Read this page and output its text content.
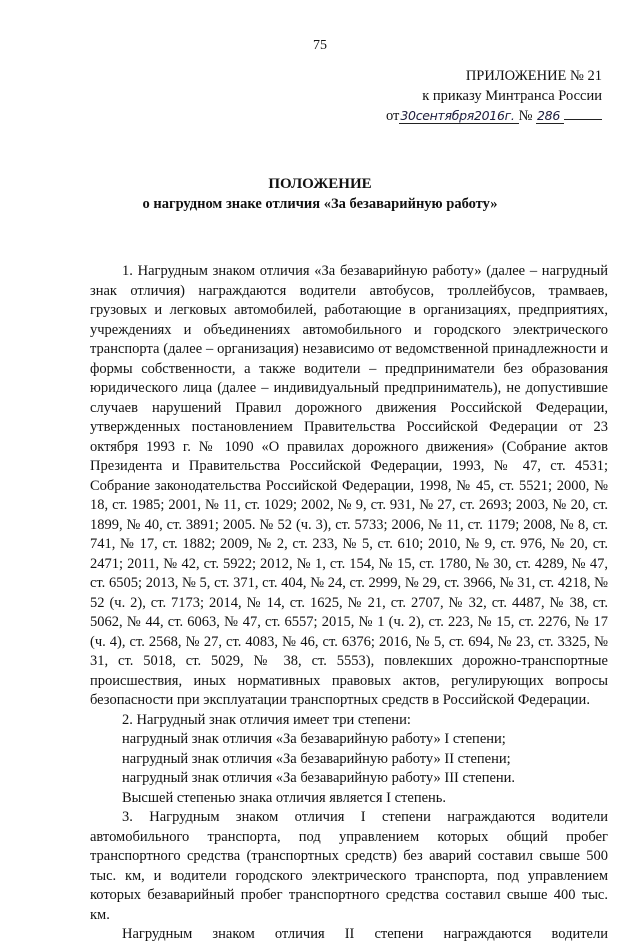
75
ПРИЛОЖЕНИЕ № 21
к приказу Минтранса России
от30сентября2016г. № 286
ПОЛОЖЕНИЕ
о нагрудном знаке отличия «За безаварийную работу»

1. Нагрудным знаком отличия «За безаварийную работу» (далее – нагрудный знак отличия) награждаются водители автобусов, троллейбусов, трамваев, грузовых и легковых автомобилей, работающие в организациях, предприятиях, учреждениях и объединениях автомобильного и городского электрического транспорта (далее – организация) независимо от ведомственной принадлежности и формы собственности, а также водители – предприниматели без образования юридического лица (далее – индивидуальный предприниматель), не допустившие случаев нарушений Правил дорожного движения Российской Федерации, утвержденных постановлением Правительства Российской Федерации от 23 октября 1993 г. № 1090 «О правилах дорожного движения» (Собрание актов Президента и Правительства Российской Федерации, 1993, № 47, ст. 4531; Собрание законодательства Российской Федерации, 1998, № 45, ст. 5521; 2000, № 18, ст. 1985; 2001, № 11, ст. 1029; 2002, № 9, ст. 931, № 27, ст. 2693; 2003, № 20, ст. 1899, № 40, ст. 3891; 2005. № 52 (ч. 3), ст. 5733; 2006, № 11, ст. 1179; 2008, № 8, ст. 741, № 17, ст. 1882; 2009, № 2, ст. 233, № 5, ст. 610; 2010, № 9, ст. 976, № 20, ст. 2471; 2011, № 42, ст. 5922; 2012, № 1, ст. 154, № 15, ст. 1780, № 30, ст. 4289, № 47, ст. 6505; 2013, № 5, ст. 371, ст. 404, № 24, ст. 2999, № 29, ст. 3966, № 31, ст. 4218, № 52 (ч. 2), ст. 7173; 2014, № 14, ст. 1625, № 21, ст. 2707, № 32, ст. 4487, № 38, ст. 5062, № 44, ст. 6063, № 47, ст. 6557; 2015, № 1 (ч. 2), ст. 223, № 15, ст. 2276, № 17 (ч. 4), ст. 2568, № 27, ст. 4083, № 46, ст. 6376; 2016, № 5, ст. 694, № 23, ст. 3325, № 31, ст. 5018, ст. 5029, № 38, ст. 5553), повлекших дорожно-транспортные происшествия, иных нормативных правовых актов, регулирующих вопросы безопасности при эксплуатации транспортных средств в Российской Федерации.

2. Нагрудный знак отличия имеет три степени:

нагрудный знак отличия «За безаварийную работу» I степени;

нагрудный знак отличия «За безаварийную работу» II степени;

нагрудный знак отличия «За безаварийную работу» III степени.

Высшей степенью знака отличия является I степень.

3. Нагрудным знаком отличия I степени награждаются водители автомобильного транспорта, под управлением которых общий пробег транспортного средства (транспортных средств) без аварий составил свыше 500 тыс. км, и водители городского электрического транспорта, под управлением которых безаварийный пробег транспортного средства составил свыше 400 тыс. км.

Нагрудным знаком отличия II степени награждаются водители
